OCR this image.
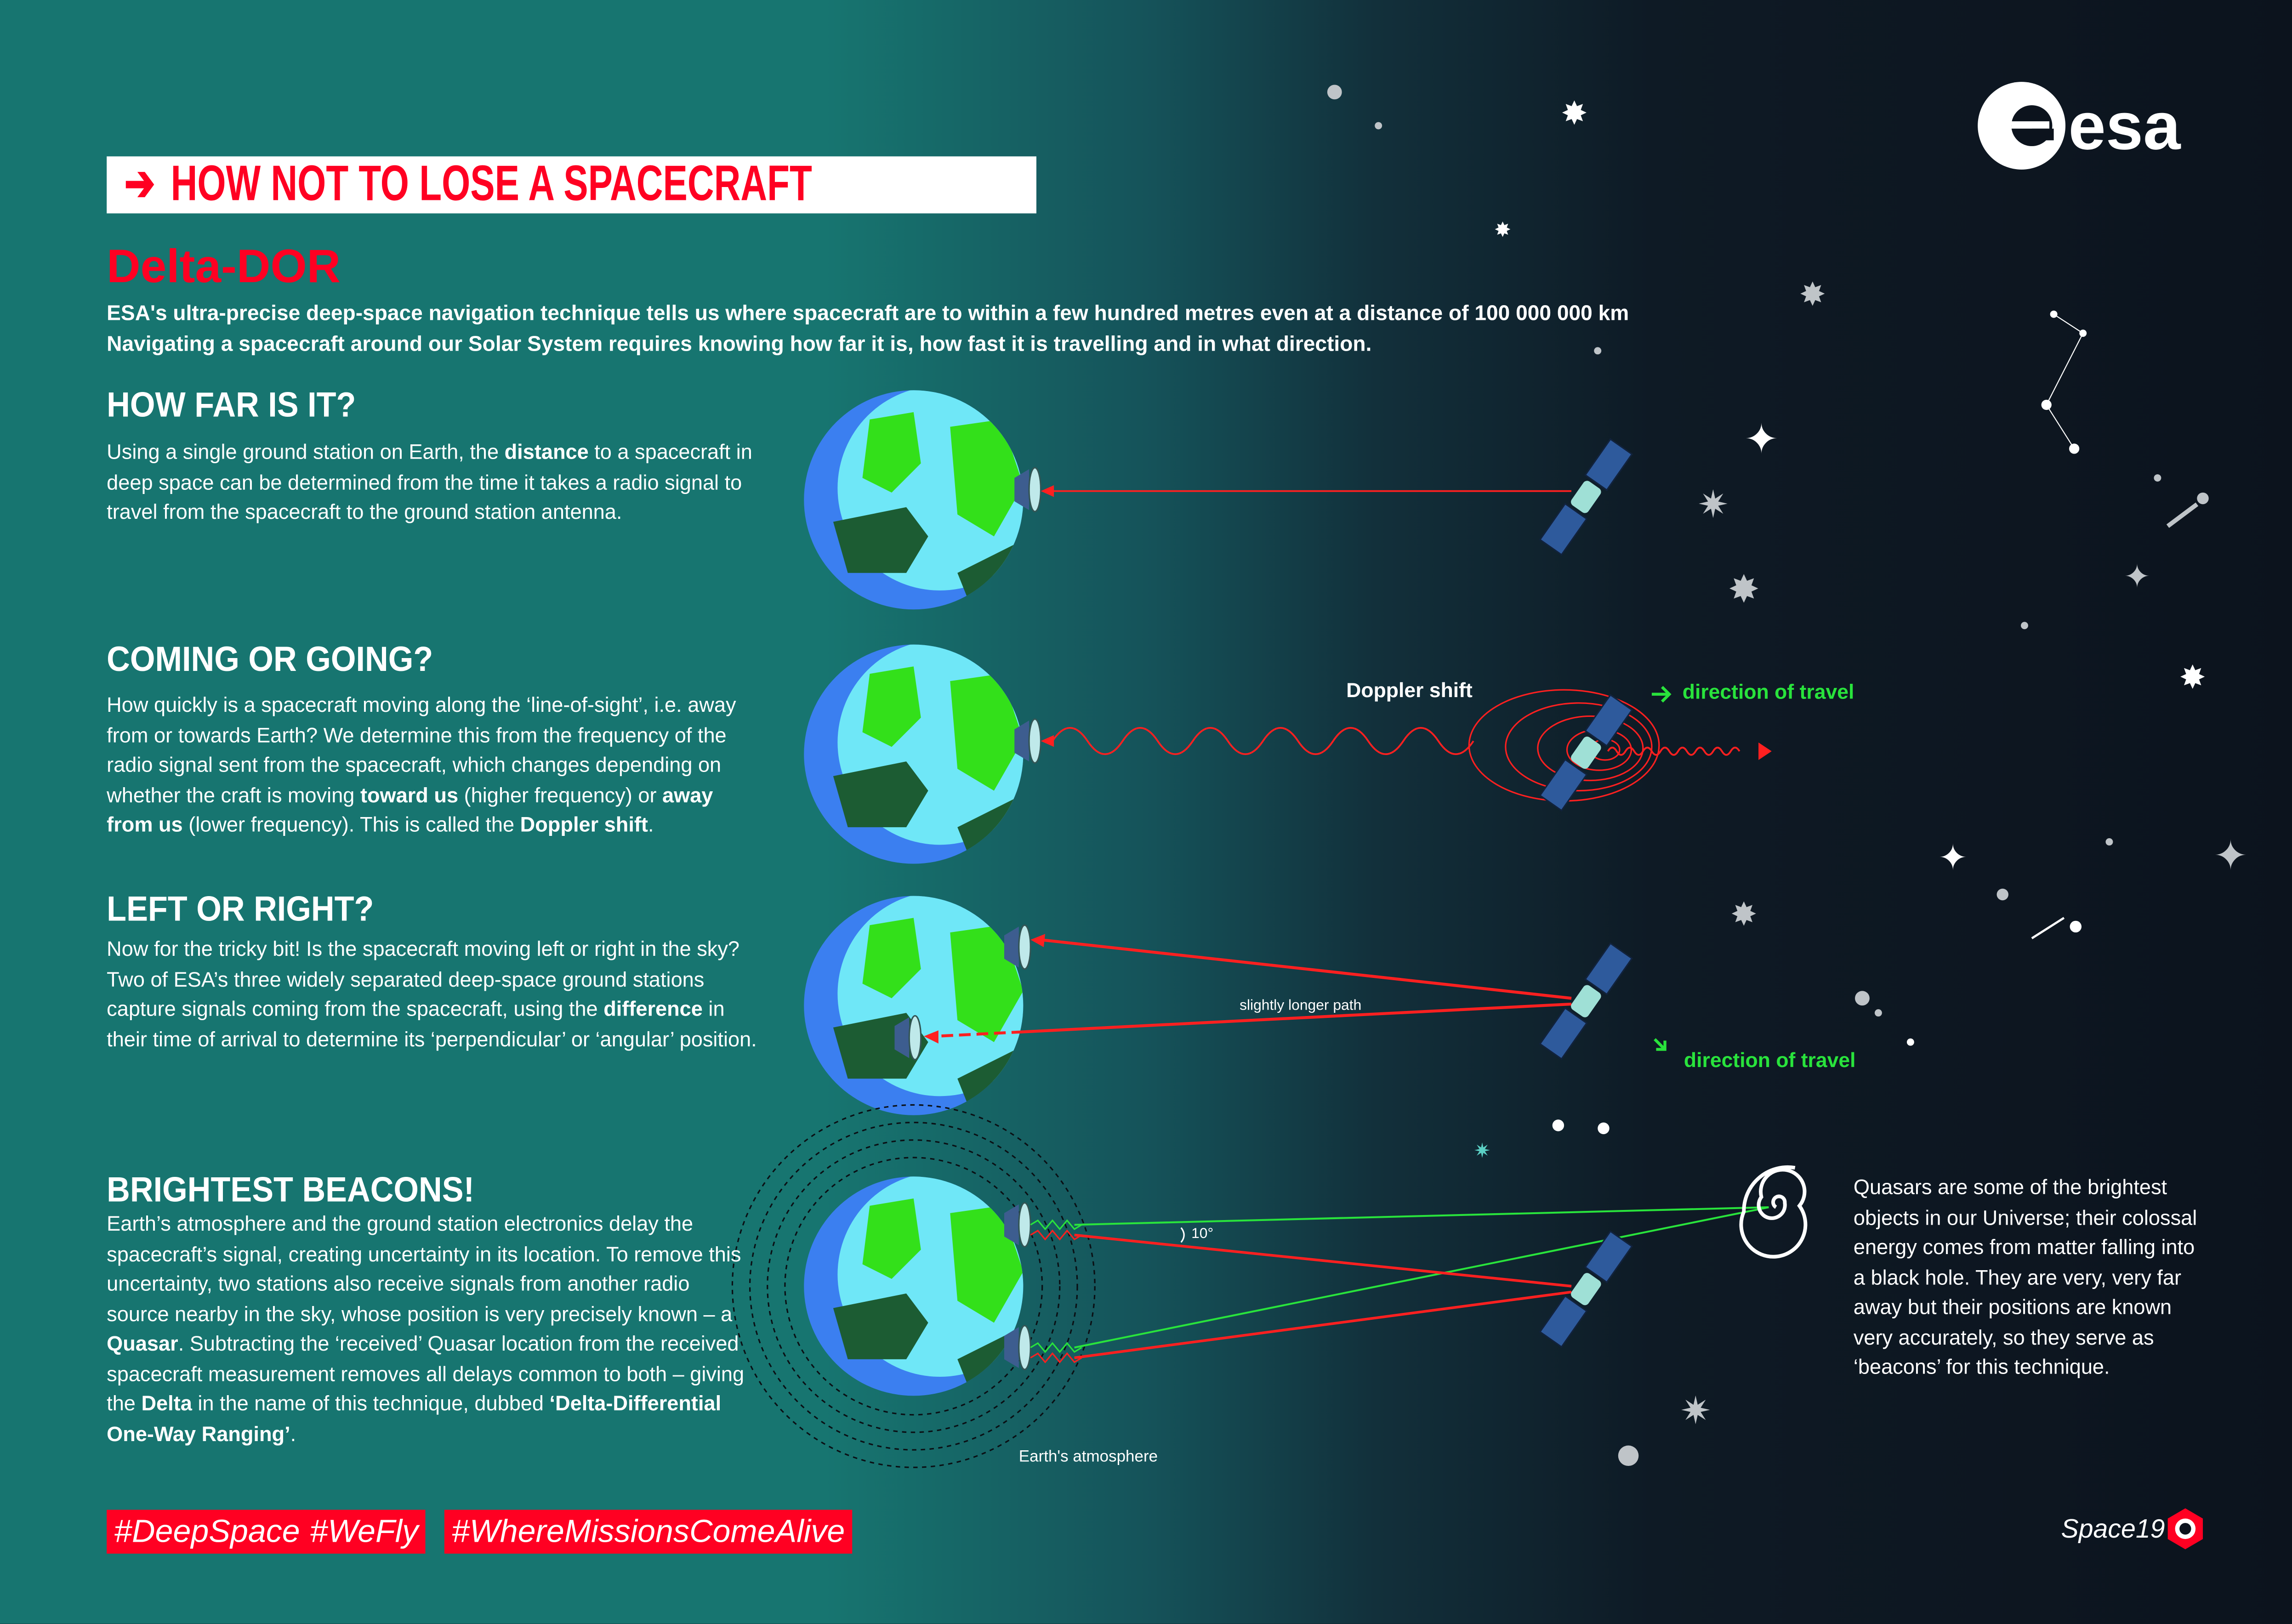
✸
✸
✸
✦
✷
✸	✦
✸
✦	✦
✸
✷
✷
esa
➔ HOW NOT TO LOSE A SPACECRAFT
Delta-DOR
ESA's ultra-precise deep-space navigation technique tells us where spacecraft are to within a few hundred metres even at a distance of 100 000 000 km
Navigating a spacecraft around our Solar System requires knowing how far it is, how fast it is travelling and in what direction.
HOW FAR IS IT?
Using a single ground station on Earth, the distance to a spacecraft in deep space can be determined from the time it takes a radio signal to travel from the spacecraft to the ground station antenna.
COMING OR GOING?
How quickly is a spacecraft moving along the ‘line-of-sight’, i.e. away from or towards Earth? We determine this from the frequency of the radio signal sent from the spacecraft, which changes depending on whether the craft is moving toward us (higher frequency) or away from us (lower frequency). This is called the Doppler shift.
LEFT OR RIGHT?
Now for the tricky bit! Is the spacecraft moving left or right in the sky? Two of ESA’s three widely separated deep-space ground stations capture signals coming from the spacecraft, using the difference in their time of arrival to determine its ‘perpendicular’ or ‘angular’ position.
BRIGHTEST BEACONS!
Earth’s atmosphere and the ground station electronics delay the spacecraft’s signal, creating uncertainty in its location. To remove this uncertainty, two stations also receive signals from another radio source nearby in the sky, whose position is very precisely known – a Quasar. Subtracting the ‘received’ Quasar location from the received spacecraft measurement removes all delays common to both – giving the Delta in the name of this technique, dubbed ‘Delta-Differential One-Way Ranging’.
Doppler shift	direction of travel
direction of travel
slightly longer path
10°
Earth's atmosphere
Quasars are some of the brightest objects in our Universe; their colossal energy comes from matter falling into a black hole. They are very, very far away but their positions are known very accurately, so they serve as ‘beacons’ for this technique.
#DeepSpace #WeFly	#WhereMissionsComeAlive	Space19
